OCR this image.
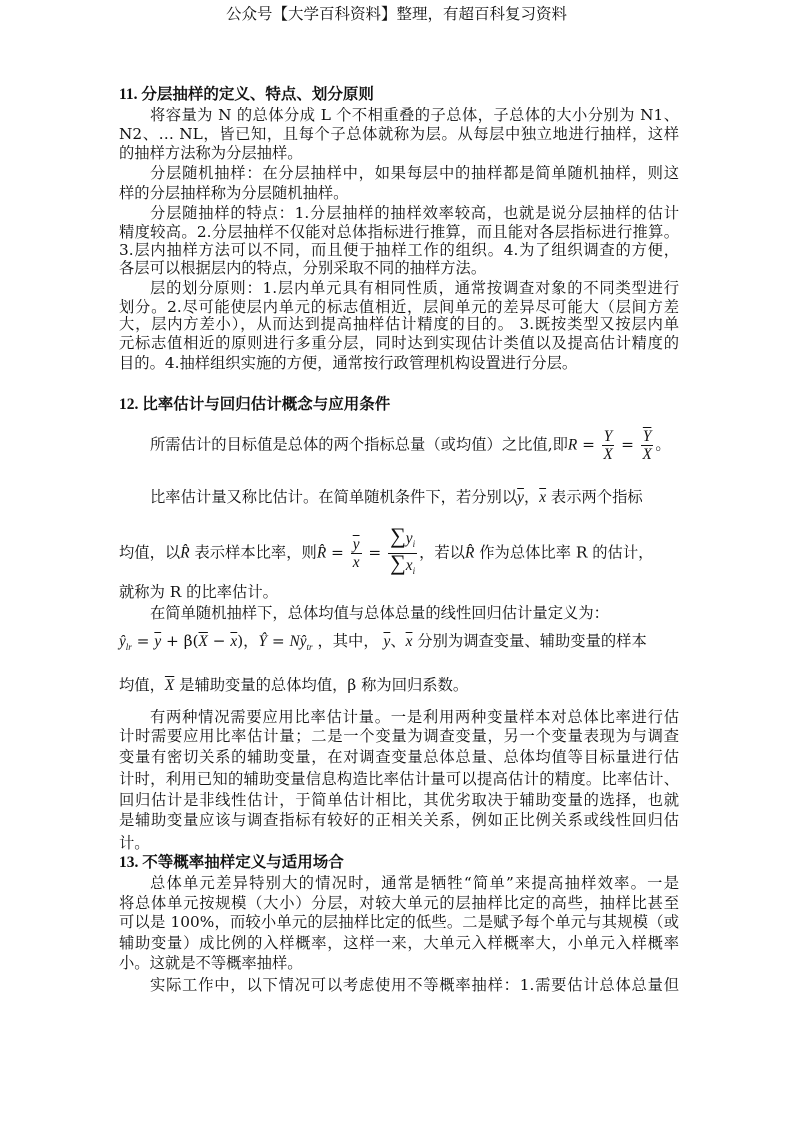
公众号【大学百科资料】整理，有超百科复习资料
11. 分层抽样的定义、特点、划分原则
将容量为 N 的总体分成 L 个不相重叠的子总体，子总体的大小分别为 N1、
N2、… NL，皆已知，且每个子总体就称为层。从每层中独立地进行抽样，这样
的抽样方法称为分层抽样。
分层随机抽样：在分层抽样中，如果每层中的抽样都是简单随机抽样，则这
样的分层抽样称为分层随机抽样。
分层随抽样的特点：1.分层抽样的抽样效率较高，也就是说分层抽样的估计
精度较高。2.分层抽样不仅能对总体指标进行推算，而且能对各层指标进行推算。
3.层内抽样方法可以不同，而且便于抽样工作的组织。4.为了组织调查的方便，
各层可以根据层内的特点，分别采取不同的抽样方法。
层的划分原则：1.层内单元具有相同性质，通常按调查对象的不同类型进行
划分。2.尽可能使层内单元的标志值相近，层间单元的差异尽可能大（层间方差
大，层内方差小），从而达到提高抽样估计精度的目的。 3.既按类型又按层内单
元标志值相近的原则进行多重分层，同时达到实现估计类值以及提高估计精度的
目的。4.抽样组织实施的方便，通常按行政管理机构设置进行分层。
12. 比率估计与回归估计概念与应用条件
所需估计的目标值是总体的两个指标总量（或均值）之比值,即$R = \frac{Y}{X} = \frac{\overline{Y}}{X}$ 。
比率估计量又称比估计。在简单随机条件下，若分别以$\overline{y}$，$\overline{x}$ 表示两个指标
均值，以R̂ 表示样本比率，则R̂ = $\frac{\overline{y}}{x} = \frac{\sum y_i}{\sum x_i}$ ，若以R̂ 作为总体比率 R 的估计，
就称为 R 的比率估计。
在简单随机抽样下，总体均值与总体总量的线性回归估计量定义为：
$ŷ_{lr} = \overline{y} + \beta(\overline{X} - \overline{x})$，Ŷ = $Nŷ_{tr}$ ，其中， $\overline{y}$、$\overline{x}$ 分别为调查变量、辅助变量的样本
均值，$\overline{X}$ 是辅助变量的总体均值，β 称为回归系数。
有两种情况需要应用比率估计量。一是利用两种变量样本对总体比率进行估
计时需要应用比率估计量；二是一个变量为调查变量，另一个变量表现为与调查
变量有密切关系的辅助变量，在对调查变量总体总量、总体均值等目标量进行估
计时，利用已知的辅助变量信息构造比率估计量可以提高估计的精度。比率估计、
回归估计是非线性估计，于简单估计相比，其优劣取决于辅助变量的选择，也就
是辅助变量应该与调查指标有较好的正相关关系，例如正比例关系或线性回归估
计。
13. 不等概率抽样定义与适用场合
总体单元差异特别大的情况时，通常是牺牲“简单”来提高抽样效率。一是
将总体单元按规模（大小）分层，对较大单元的层抽样比定的高些，抽样比甚至
可以是 100%，而较小单元的层抽样比定的低些。二是赋予每个单元与其规模（或
辅助变量）成比例的入样概率，这样一来，大单元入样概率大，小单元入样概率
小。这就是不等概率抽样。
实际工作中，以下情况可以考虑使用不等概率抽样：1.需要估计总体总量但
